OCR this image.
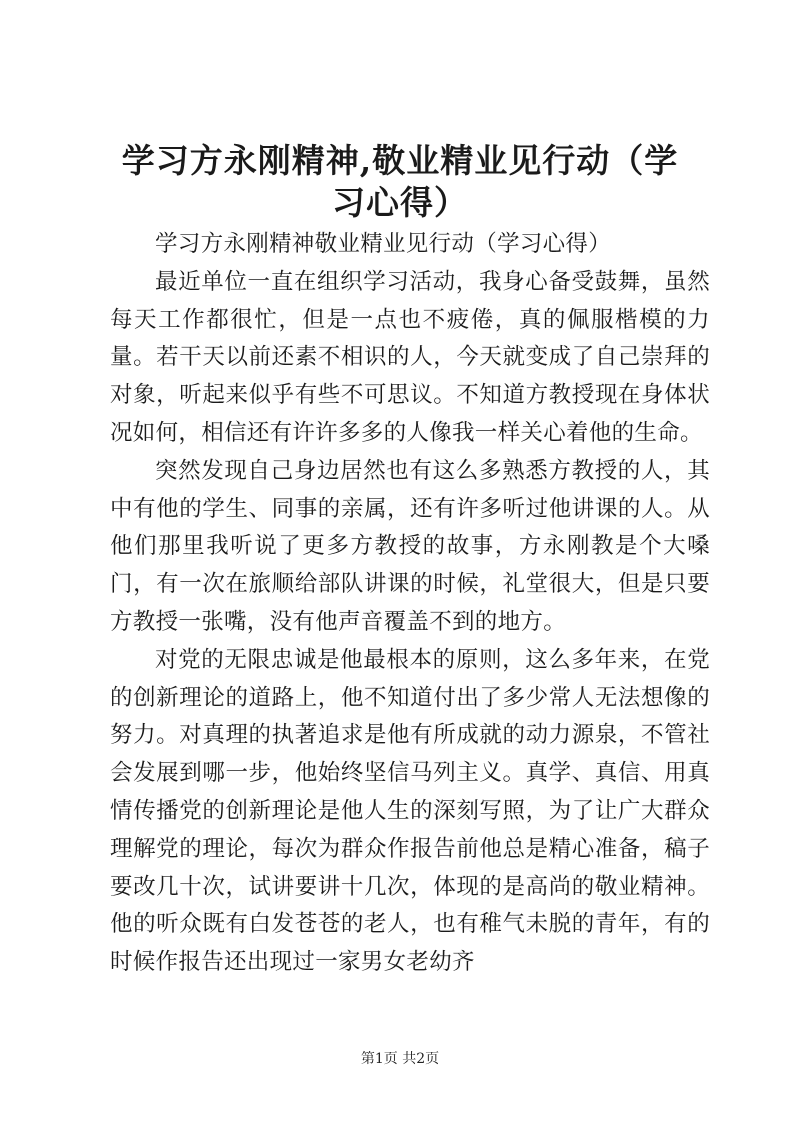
学习方永刚精神,敬业精业见行动（学习心得）

学习方永刚精神敬业精业见行动（学习心得）

最近单位一直在组织学习活动，我身心备受鼓舞，虽然每天工作都很忙，但是一点也不疲倦，真的佩服楷模的力量。若干天以前还素不相识的人，今天就变成了自己崇拜的对象，听起来似乎有些不可思议。不知道方教授现在身体状况如何，相信还有许许多多的人像我一样关心着他的生命。

突然发现自己身边居然也有这么多熟悉方教授的人，其中有他的学生、同事的亲属，还有许多听过他讲课的人。从他们那里我听说了更多方教授的故事，方永刚教是个大嗓门，有一次在旅顺给部队讲课的时候，礼堂很大，但是只要方教授一张嘴，没有他声音覆盖不到的地方。

对党的无限忠诚是他最根本的原则，这么多年来，在党的创新理论的道路上，他不知道付出了多少常人无法想像的努力。对真理的执著追求是他有所成就的动力源泉，不管社会发展到哪一步，他始终坚信马列主义。真学、真信、用真情传播党的创新理论是他人生的深刻写照，为了让广大群众理解党的理论，每次为群众作报告前他总是精心准备，稿子要改几十次，试讲要讲十几次，体现的是高尚的敬业精神。他的听众既有白发苍苍的老人，也有稚气未脱的青年，有的时候作报告还出现过一家男女老幼齐

第1页 共2页
